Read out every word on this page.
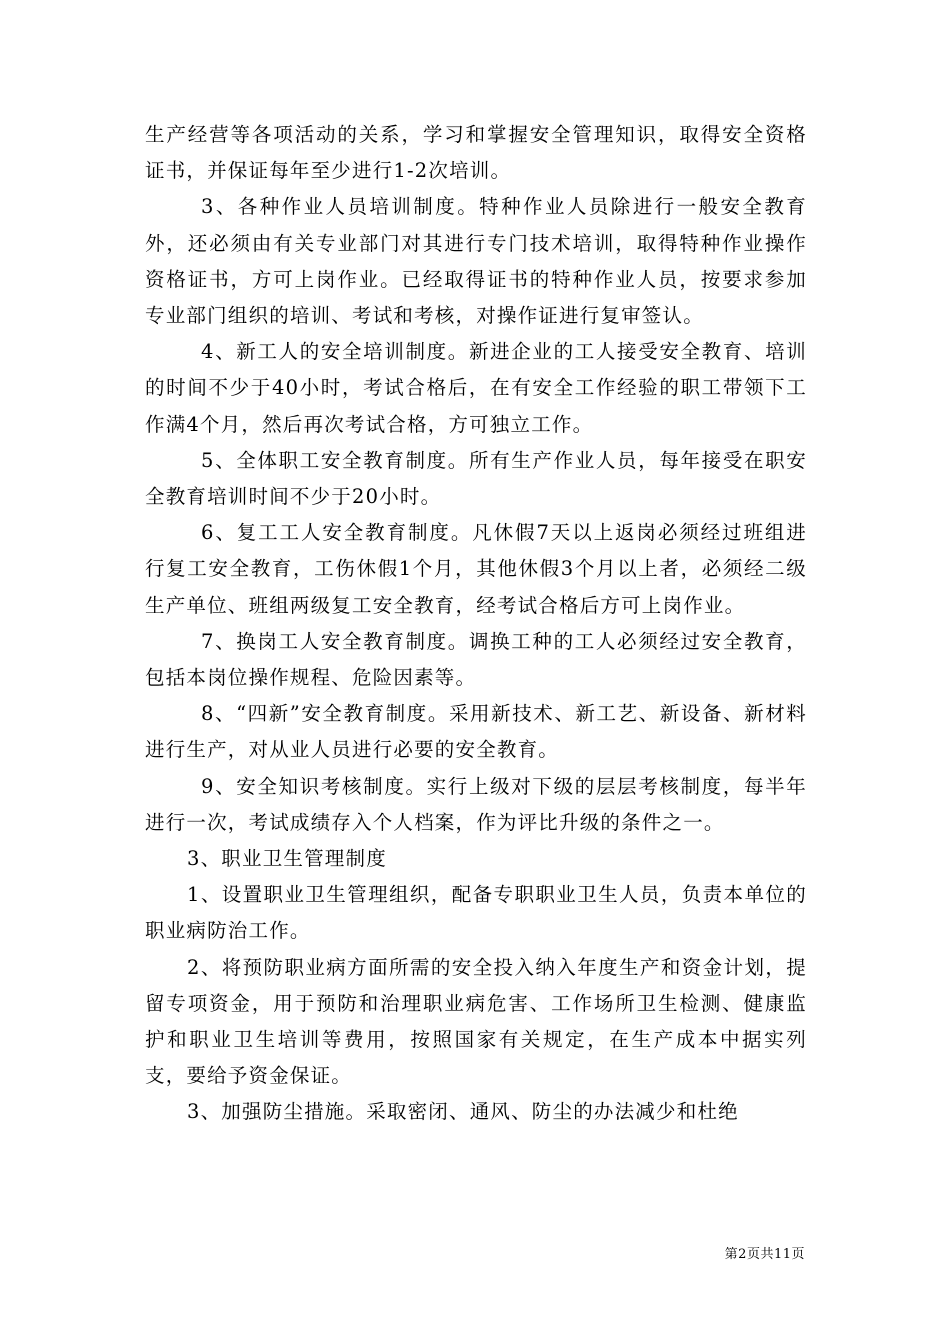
生产经营等各项活动的关系，学习和掌握安全管理知识，取得安全资格证书，并保证每年至少进行1-2次培训。

3、各种作业人员培训制度。特种作业人员除进行一般安全教育外，还必须由有关专业部门对其进行专门技术培训，取得特种作业操作资格证书，方可上岗作业。已经取得证书的特种作业人员，按要求参加专业部门组织的培训、考试和考核，对操作证进行复审签认。

4、新工人的安全培训制度。新进企业的工人接受安全教育、培训的时间不少于40小时，考试合格后，在有安全工作经验的职工带领下工作满4个月，然后再次考试合格，方可独立工作。

5、全体职工安全教育制度。所有生产作业人员，每年接受在职安全教育培训时间不少于20小时。

6、复工工人安全教育制度。凡休假7天以上返岗必须经过班组进行复工安全教育，工伤休假1个月，其他休假3个月以上者，必须经二级生产单位、班组两级复工安全教育，经考试合格后方可上岗作业。

7、换岗工人安全教育制度。调换工种的工人必须经过安全教育，包括本岗位操作规程、危险因素等。

8、“四新”安全教育制度。采用新技术、新工艺、新设备、新材料进行生产，对从业人员进行必要的安全教育。

9、安全知识考核制度。实行上级对下级的层层考核制度，每半年进行一次，考试成绩存入个人档案，作为评比升级的条件之一。

3、职业卫生管理制度

1、设置职业卫生管理组织，配备专职职业卫生人员，负责本单位的职业病防治工作。

2、将预防职业病方面所需的安全投入纳入年度生产和资金计划，提留专项资金，用于预防和治理职业病危害、工作场所卫生检测、健康监护和职业卫生培训等费用，按照国家有关规定，在生产成本中据实列支，要给予资金保证。

3、加强防尘措施。采取密闭、通风、防尘的办法减少和杜绝

第2页共11页
